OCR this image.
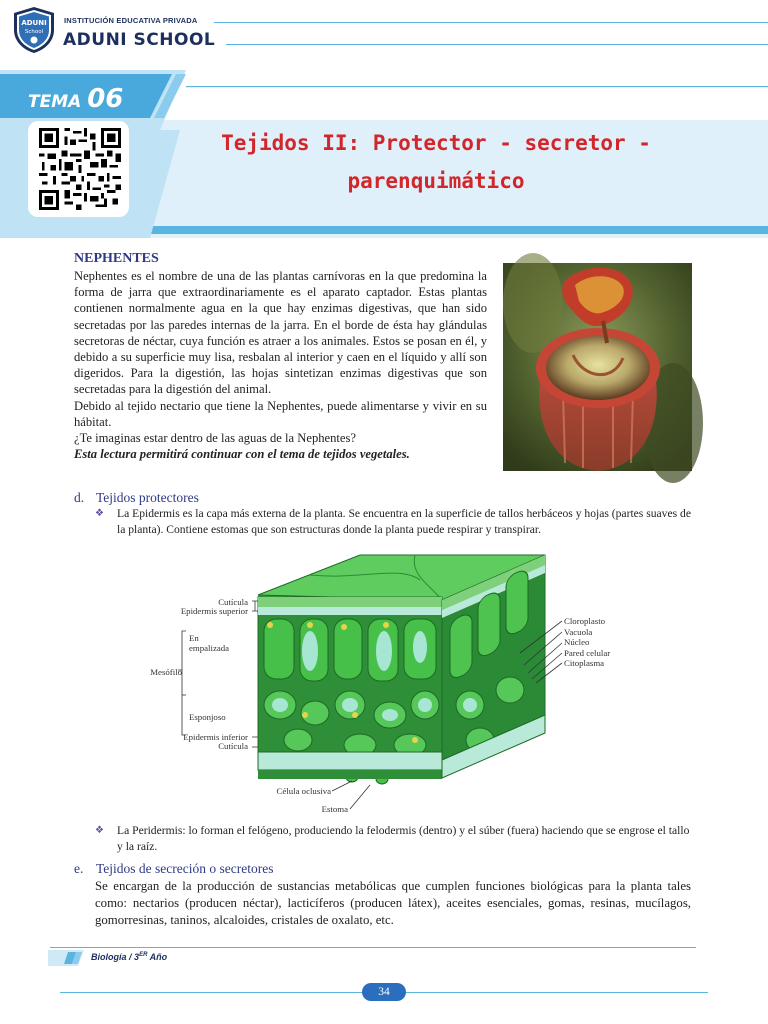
ADUNI
School
INSTITUCIÓN EDUCATIVA PRIVADA
ADUNI SCHOOL
TEMA 06
Tejidos II: Protector - secretor -
parenquimático
NEPHENTES

Nephentes es el nombre de una de las plantas carnívoras en la que predomina la forma de jarra que extraordinariamente es el aparato captador. Estas plantas contienen normalmente agua en la que hay enzimas digestivas, que han sido secretadas por las paredes internas de la jarra. En el borde de ésta hay glándulas secretoras de néctar, cuya función es atraer a los animales. Estos se posan en él, y debido a su superficie muy lisa, resbalan al interior y caen en el líquido y allí son digeridos. Para la digestión, las hojas sintetizan enzimas digestivas que son secretadas para la digestión del animal.

Debido al tejido nectario que tiene la Nephentes, puede alimentarse y vivir en su hábitat.

¿Te imaginas estar dentro de las aguas de la Nephentes?

Esta lectura permitirá continuar con el tema de tejidos vegetales.

d. Tejidos protectores
❖ La Epidermis es la capa más externa de la planta. Se encuentra en la superficie de tallos herbáceos y hojas (partes suaves de la planta). Contiene estomas que son estructuras donde la planta puede respirar y transpirar.
Cutícula
Epidermis superior
Mesófilo
Epidermis inferior
Cutícula
Célula oclusiva
Estoma
En
empalizada
Esponjoso
Cloroplasto
Vacuola
Núcleo
Pared celular
Citoplasma
❖ La Peridermis: lo forman el felógeno, produciendo la felodermis (dentro) y el súber (fuera) haciendo que se engrose el tallo y la raíz.
e. Tejidos de secreción o secretores
Se encargan de la producción de sustancias metabólicas que cumplen funciones biológicas para la planta tales como: nectarios (producen néctar), lacticíferos (producen látex), aceites esenciales, gomas, resinas, mucílagos, gomorresinas, taninos, alcaloides, cristales de oxalato, etc.
Biología / 3ER Año
34
